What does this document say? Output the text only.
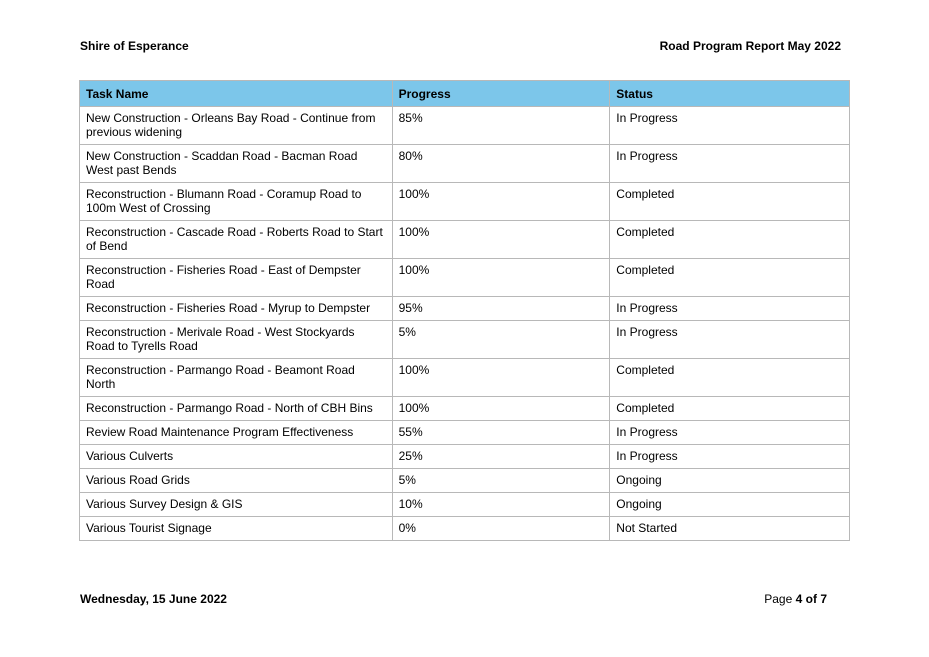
Shire of Esperance	Road Program Report May 2022
Task Name	Progress	Status
New Construction - Orleans Bay Road - Continue from previous widening	85%	In Progress
New Construction - Scaddan Road - Bacman Road West past Bends	80%	In Progress
Reconstruction - Blumann Road - Coramup Road to 100m West of Crossing	100%	Completed
Reconstruction - Cascade Road - Roberts Road to Start of Bend	100%	Completed
Reconstruction - Fisheries Road - East of Dempster Road	100%	Completed
Reconstruction - Fisheries Road - Myrup to Dempster	95%	In Progress
Reconstruction - Merivale Road - West Stockyards Road to Tyrells Road	5%	In Progress
Reconstruction - Parmango Road - Beamont Road North	100%	Completed
Reconstruction - Parmango Road - North of CBH Bins	100%	Completed
Review Road Maintenance Program Effectiveness	55%	In Progress
Various Culverts	25%	In Progress
Various Road Grids	5%	Ongoing
Various Survey Design & GIS	10%	Ongoing
Various Tourist Signage	0%	Not Started
Wednesday, 15 June 2022	Page 4 of 7
